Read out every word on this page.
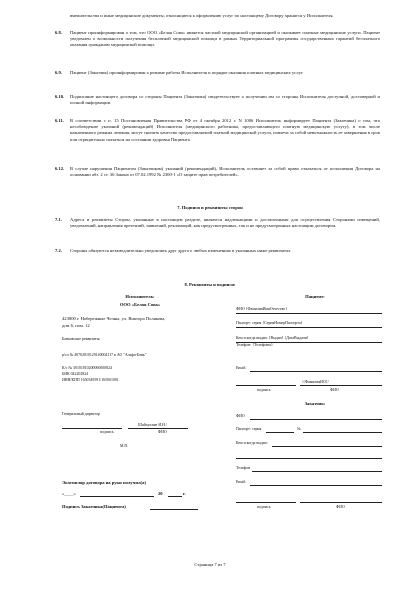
вмешательства и иные медицинские документы, относящиеся к оформлению услуг по настоящему Договору хранятся у Исполнителя.
6.8. Пациент проинформирован о том, что ООО «Белая Сова» является частной медицинской организацией и оказывает платные медицинские услуги. Пациент уведомлен о возможности получения бесплатной медицинской помощи в рамках Территориальной программы государственных гарантий бесплатного оказания гражданам медицинской помощи.
6.9. Пациент (Заказчик) проинформирован о режиме работы Исполнителя и порядке оказания платных медицинских услуг.
6.10. Подписание настоящего договора со стороны Пациента (Заказчика) свидетельствует о получении им со стороны Исполнителя доступной, достоверной и полной информации.
6.11. В соответствии с п. 15 Постановления Правительства РФ от 4 октября 2012 г. N 1006 Исполнитель информирует Пациента (Заказчика) о том, что несоблюдение указаний (рекомендаций) Исполнителя (медицинского работника, предоставляющего платную медицинскую услугу), в том числе назначенного режима лечения, могут снизить качество предоставляемой платной медицинской услуги, повлечь за собой невозможность ее завершения в срок или отрицательно сказаться на состоянии здоровья Пациента.
6.12. В случае нарушения Пациентом (Заказчиком) указаний (рекомендаций), Исполнитель оставляет за собой право отказаться от исполнения Договора на основании абз. 2 ст. 36 Закона от 07.02.1992 № 2300-1 «О защите прав потребителей».
7. Подписи и реквизиты сторон
7.1. Адреса и реквизиты Сторон, указанные в настоящем разделе, являются надлежащими и достаточными для осуществления Сторонами извещений, уведомлений, направления претензий, заявлений, рекламаций, как предусмотренных, так и не предусмотренных настоящим договором.
7.2. Стороны обязуются незамедлительно уведомлять друг друга о любых изменениях в указанных ниже реквизитах.
8. Реквизиты и подписи:
Исполнитель:
ООО «Белая Сова»
423800 г. Набережные Челны, ул. Виктора Полякова,
дом 6, пом. 12
Банковские реквизиты:
р/сч № 40702810129140004117 в АО "Альфа-Банк"
К/с № 30101810200000000824
БИК 042202824
ИНН/КПП 1650349591/165001001
Генеральный директор
Шайхуллин И.Н./
подпись	ФИО
М.П.
Пациент:
ФИО {ФамилияИмяОтчество}
Паспорт: серия {СерияНомерПаспорта}
Кем и когда выдан: {Выдан} {ДатаВыдачи}
Телефон: {Телефоны}
Email:
/{ФамилияИО}/
подпись	ФИО
Заказчик:
ФИО
Паспорт: серия	№
Кем и когда выдан:
Телефон
Email:
подпись	ФИО
Экземпляр договора на руки получил(а)
«____»	20	г.
Подпись Заказчика(Пациента)
Страница 7 из 7
